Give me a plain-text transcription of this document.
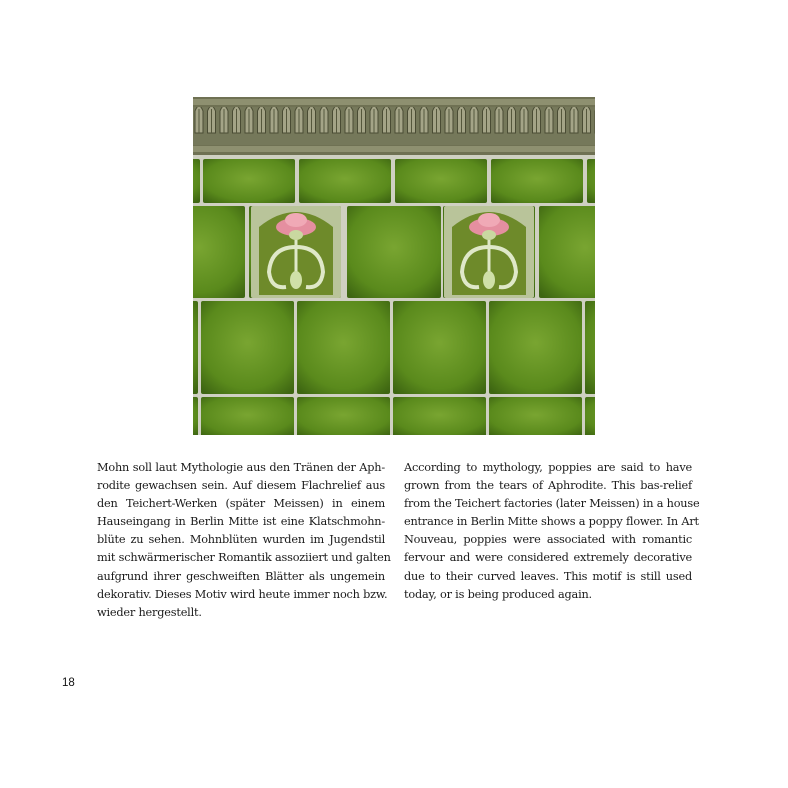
Mohn soll laut Mythologie aus den Tränen der Aph-
rodite gewachsen sein. Auf diesem Flachrelief aus
den Teichert-Werken (später Meissen) in einem
Hauseingang in Berlin Mitte ist eine Klatschmohn-
blüte zu sehen. Mohnblüten wurden im Jugendstil
mit schwärmerischer Romantik assoziiert und galten
aufgrund ihrer geschweiften Blätter als ungemein
dekorativ. Dieses Motiv wird heute immer noch bzw.
wieder hergestellt.
According to mythology, poppies are said to have
grown from the tears of Aphrodite. This bas-relief
from the Teichert factories (later Meissen) in a house
entrance in Berlin Mitte shows a poppy flower. In Art
Nouveau, poppies were associated with romantic
fervour and were considered extremely decorative
due to their curved leaves. This motif is still used
today, or is being produced again.
18
